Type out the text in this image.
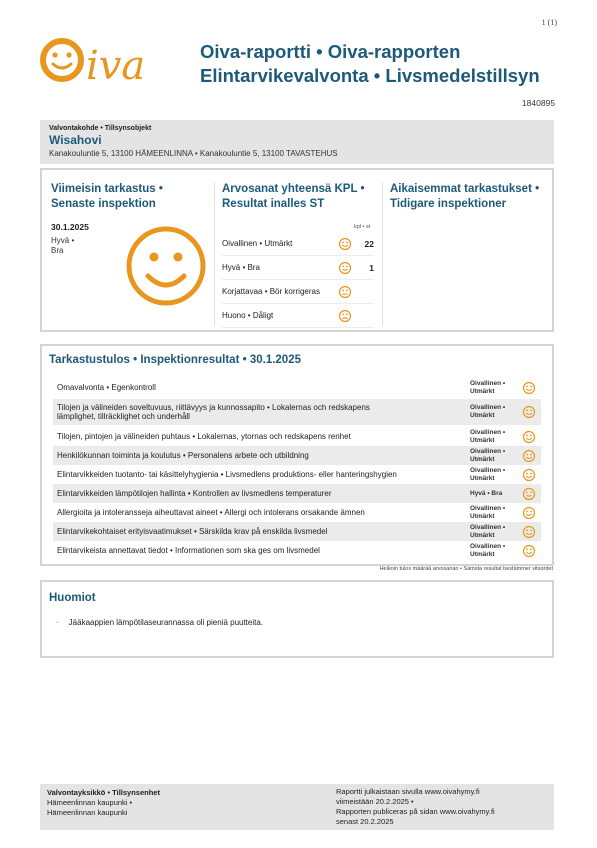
1 (1)
iva	Oiva-raportti • Oiva-rapporten
Elintarvikevalvonta • Livsmedelstillsyn
1840895
Valvontakohde • Tillsynsobjekt
Wisahovi
Kanakouluntie 5, 13100 HÄMEENLINNA • Kanakouluntie 5, 13100 TAVASTEHUS
Viimeisin tarkastus •
Senaste inspektion
30.1.2025
Hyvä •
Bra
Arvosanat yhteensä KPL •
Resultat inalles ST
kpl • st
Oivallinen • Utmärkt	22
Hyvä • Bra	1
Korjattavaa • Bör korrigeras
Huono • Dåligt
Aikaisemmat tarkastukset •
Tidigare inspektioner
Tarkastustulos • Inspektionresultat • 30.1.2025
Omavalvonta • Egenkontroll	Oivallinen •
Utmärkt
Tilojen ja välineiden soveltuvuus, riittävyys ja kunnossapito • Lokalernas och redskapens
lämplighet, tillräcklighet och underhåll
Oivallinen •
Utmärkt
Tilojen, pintojen ja välineiden puhtaus • Lokalernas, ytornas och redskapens renhet	Oivallinen •
Utmärkt
Henkilökunnan toiminta ja koulutus • Personalens arbete och utbildning	Oivallinen •
Utmärkt
Elintarvikkeiden tuotanto- tai käsittelyhygienia • Livsmedlens produktions- eller hanteringshygien	Oivallinen •
Utmärkt
Elintarvikkeiden lämpötilojen hallinta • Kontrollen av livsmedlens temperaturer	Hyvä • Bra
Allergioita ja intoleransseja aiheuttavat aineet • Allergi och intolerans orsakande ämnen	Oivallinen •
Utmärkt
Elintarvikekohtaiset erityisvaatimukset • Särskilda krav på enskilda livsmedel	Oivallinen •
Utmärkt
Elintarvikeista annettavat tiedot • Informationen som ska ges om livsmedel	Oivallinen •
Utmärkt
Heikoin tulos määrää arvosanan • Sämsta resultat bestämmer vitsordet
Huomiot
· Jääkaappien lämpötilaseurannassa oli pieniä puutteita.
Valvontayksikkö • Tillsynsenhet
Hämeenlinnan kaupunki •
Hämeenlinnan kaupunki
Raportti julkaistaan sivulla www.oivahymy.fi
viimeistään 20.2.2025 •
Rapporten publiceras på sidan www.oivahymy.fi
senast 20.2.2025
